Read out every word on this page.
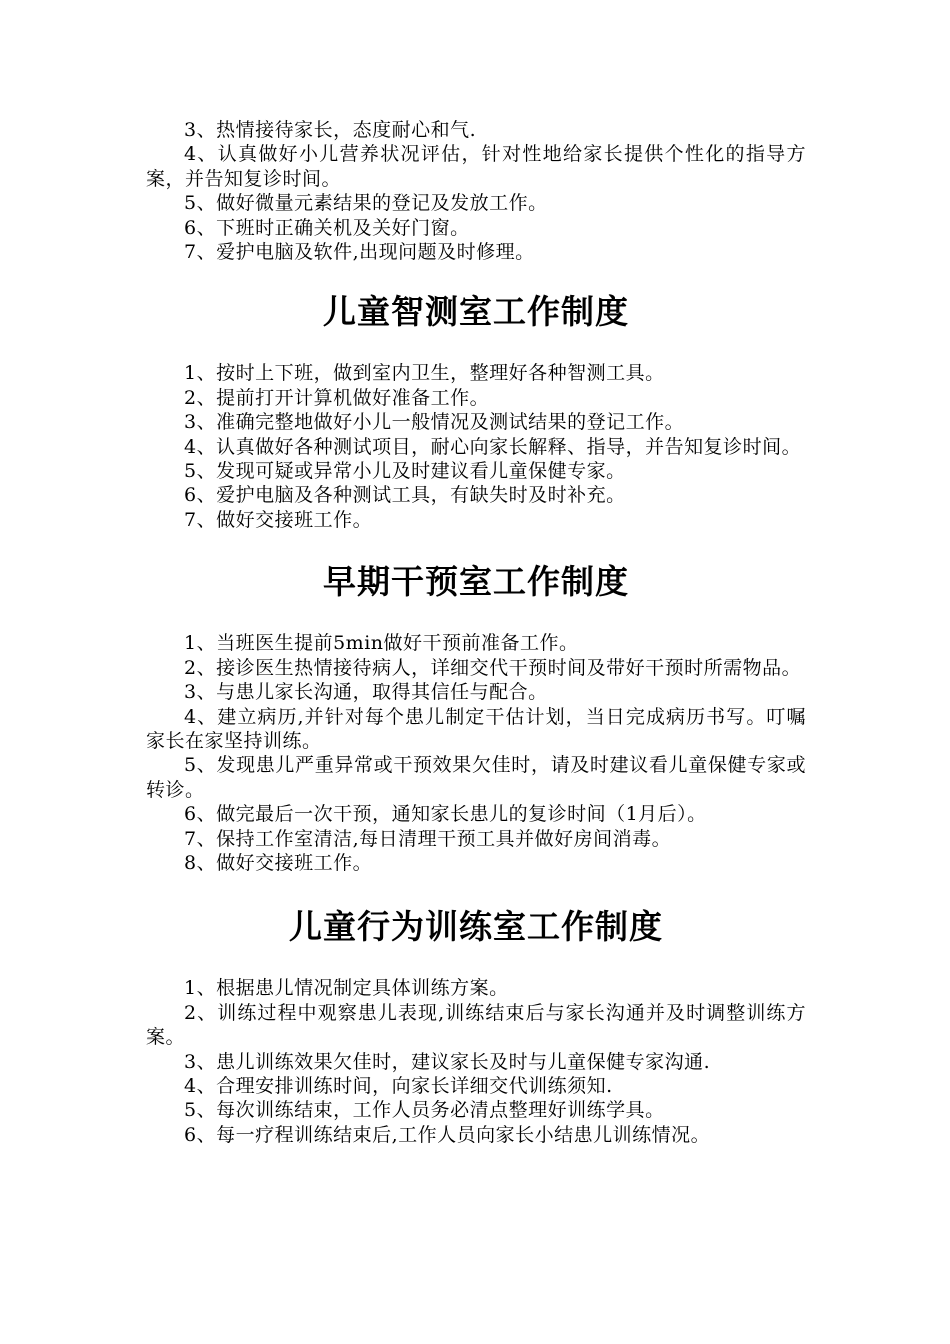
3、热情接待家长，态度耐心和气.

4、认真做好小儿营养状况评估，针对性地给家长提供个性化的指导方案，并告知复诊时间。

5、做好微量元素结果的登记及发放工作。

6、下班时正确关机及关好门窗。

7、爱护电脑及软件,出现问题及时修理。

儿童智测室工作制度

1、按时上下班，做到室内卫生，整理好各种智测工具。

2、提前打开计算机做好准备工作。

3、准确完整地做好小儿一般情况及测试结果的登记工作。

4、认真做好各种测试项目，耐心向家长解释、指导，并告知复诊时间。

5、发现可疑或异常小儿及时建议看儿童保健专家。

6、爱护电脑及各种测试工具，有缺失时及时补充。

7、做好交接班工作。

早期干预室工作制度

1、当班医生提前5min做好干预前准备工作。

2、接诊医生热情接待病人，详细交代干预时间及带好干预时所需物品。

3、与患儿家长沟通，取得其信任与配合。

4、建立病历,并针对每个患儿制定干估计划，当日完成病历书写。叮嘱家长在家坚持训练。

5、发现患儿严重异常或干预效果欠佳时，请及时建议看儿童保健专家或转诊。

6、做完最后一次干预，通知家长患儿的复诊时间（1月后）。

7、保持工作室清洁,每日清理干预工具并做好房间消毒。

8、做好交接班工作。

儿童行为训练室工作制度

1、根据患儿情况制定具体训练方案。

2、训练过程中观察患儿表现,训练结束后与家长沟通并及时调整训练方案。

3、患儿训练效果欠佳时，建议家长及时与儿童保健专家沟通.

4、合理安排训练时间，向家长详细交代训练须知.

5、每次训练结束，工作人员务必清点整理好训练学具。

6、每一疗程训练结束后,工作人员向家长小结患儿训练情况。
